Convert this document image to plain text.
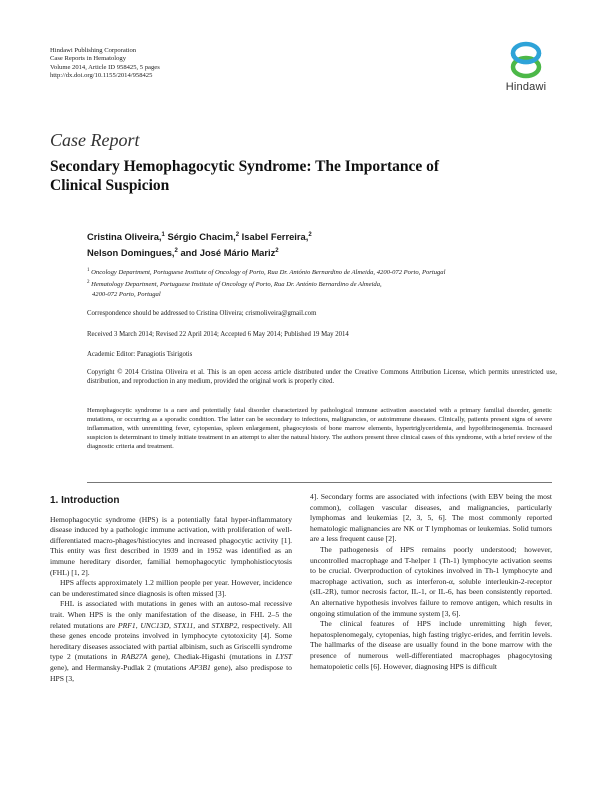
Hindawi Publishing Corporation
Case Reports in Hematology
Volume 2014, Article ID 958425, 5 pages
http://dx.doi.org/10.1155/2014/958425
Hindawi
Case Report
Secondary Hemophagocytic Syndrome: The Importance of
Clinical Suspicion
Cristina Oliveira,$^1$ Sérgio Chacim,$^2$ Isabel Ferreira,$^2$
Nelson Domingues,$^2$ and José Mário Mariz$^2$
$^1$ Oncology Department, Portuguese Institute of Oncology of Porto, Rua Dr. António Bernardino de Almeida, 4200-072 Porto, Portugal
$^2$ Hematology Department, Portuguese Institute of Oncology of Porto, Rua Dr. António Bernardino de Almeida,
4200-072 Porto, Portugal
Correspondence should be addressed to Cristina Oliveira; crismoliveira@gmail.com
Received 3 March 2014; Revised 22 April 2014; Accepted 6 May 2014; Published 19 May 2014
Academic Editor: Panagiotis Tsirigotis
Copyright © 2014 Cristina Oliveira et al. This is an open access article distributed under the Creative Commons Attribution License, which permits unrestricted use, distribution, and reproduction in any medium, provided the original work is properly cited.
Hemophagocytic syndrome is a rare and potentially fatal disorder characterized by pathological immune activation associated with a primary familial disorder, genetic mutations, or occurring as a sporadic condition. The latter can be secondary to infections, malignancies, or autoimmune diseases. Clinically, patients present signs of severe inflammation, with unremitting fever, cytopenias, spleen enlargement, phagocytosis of bone marrow elements, hypertriglyceridemia, and hypofibrinogenemia. Increased suspicion is determinant to timely initiate treatment in an attempt to alter the natural history. The authors present three clinical cases of this syndrome, with a brief review of the diagnostic criteria and treatment.
1. Introduction

Hemophagocytic syndrome (HPS) is a potentially fatal hyper-inflammatory disease induced by a pathologic immune activation, with proliferation of well-differentiated macro-phages/histiocytes and increased phagocytic activity [1]. This entity was first described in 1939 and in 1952 was identified as an immune hereditary disorder, familial hemophagocytic lymphohistiocytosis (FHL) [1, 2].

HPS affects approximately 1.2 million people per year. However, incidence can be underestimated since diagnosis is often missed [3].

FHL is associated with mutations in genes with an autoso-mal recessive trait. When HPS is the only manifestation of the disease, in FHL 2–5 the related mutations are PRF1, UNC13D, STX11, and STXBP2, respectively. All these genes encode proteins involved in lymphocyte cytotoxicity [4]. Some hereditary diseases associated with partial albinism, such as Griscelli syndrome type 2 (mutations in RAB27A gene), Chediak-Higashi (mutations in LYST gene), and Hermansky-Pudlak 2 (mutations AP3B1 gene), also predispose to HPS [3,

4]. Secondary forms are associated with infections (with EBV being the most common), collagen vascular diseases, and malignancies, particularly lymphomas and leukemias [2, 3, 5, 6]. The most commonly reported hematologic malignancies are NK or T lymphomas or leukemias. Solid tumors are a less frequent cause [2].

The pathogenesis of HPS remains poorly understood; however, uncontrolled macrophage and T-helper 1 (Th-1) lymphocyte activation seems to be crucial. Overproduction of cytokines involved in Th-1 lymphocyte and macrophage activation, such as interferon-α, soluble interleukin-2-receptor (sIL-2R), tumor necrosis factor, IL-1, or IL-6, has been consistently reported. An alternative hypothesis involves failure to remove antigen, which results in ongoing stimulation of the immune system [3, 6].

The clinical features of HPS include unremitting high fever, hepatosplenomegaly, cytopenias, high fasting triglyc-erides, and ferritin levels. The hallmarks of the disease are usually found in the bone marrow with the presence of numerous well-differentiated macrophages phagocytosing hematopoietic cells [6]. However, diagnosing HPS is difficult
